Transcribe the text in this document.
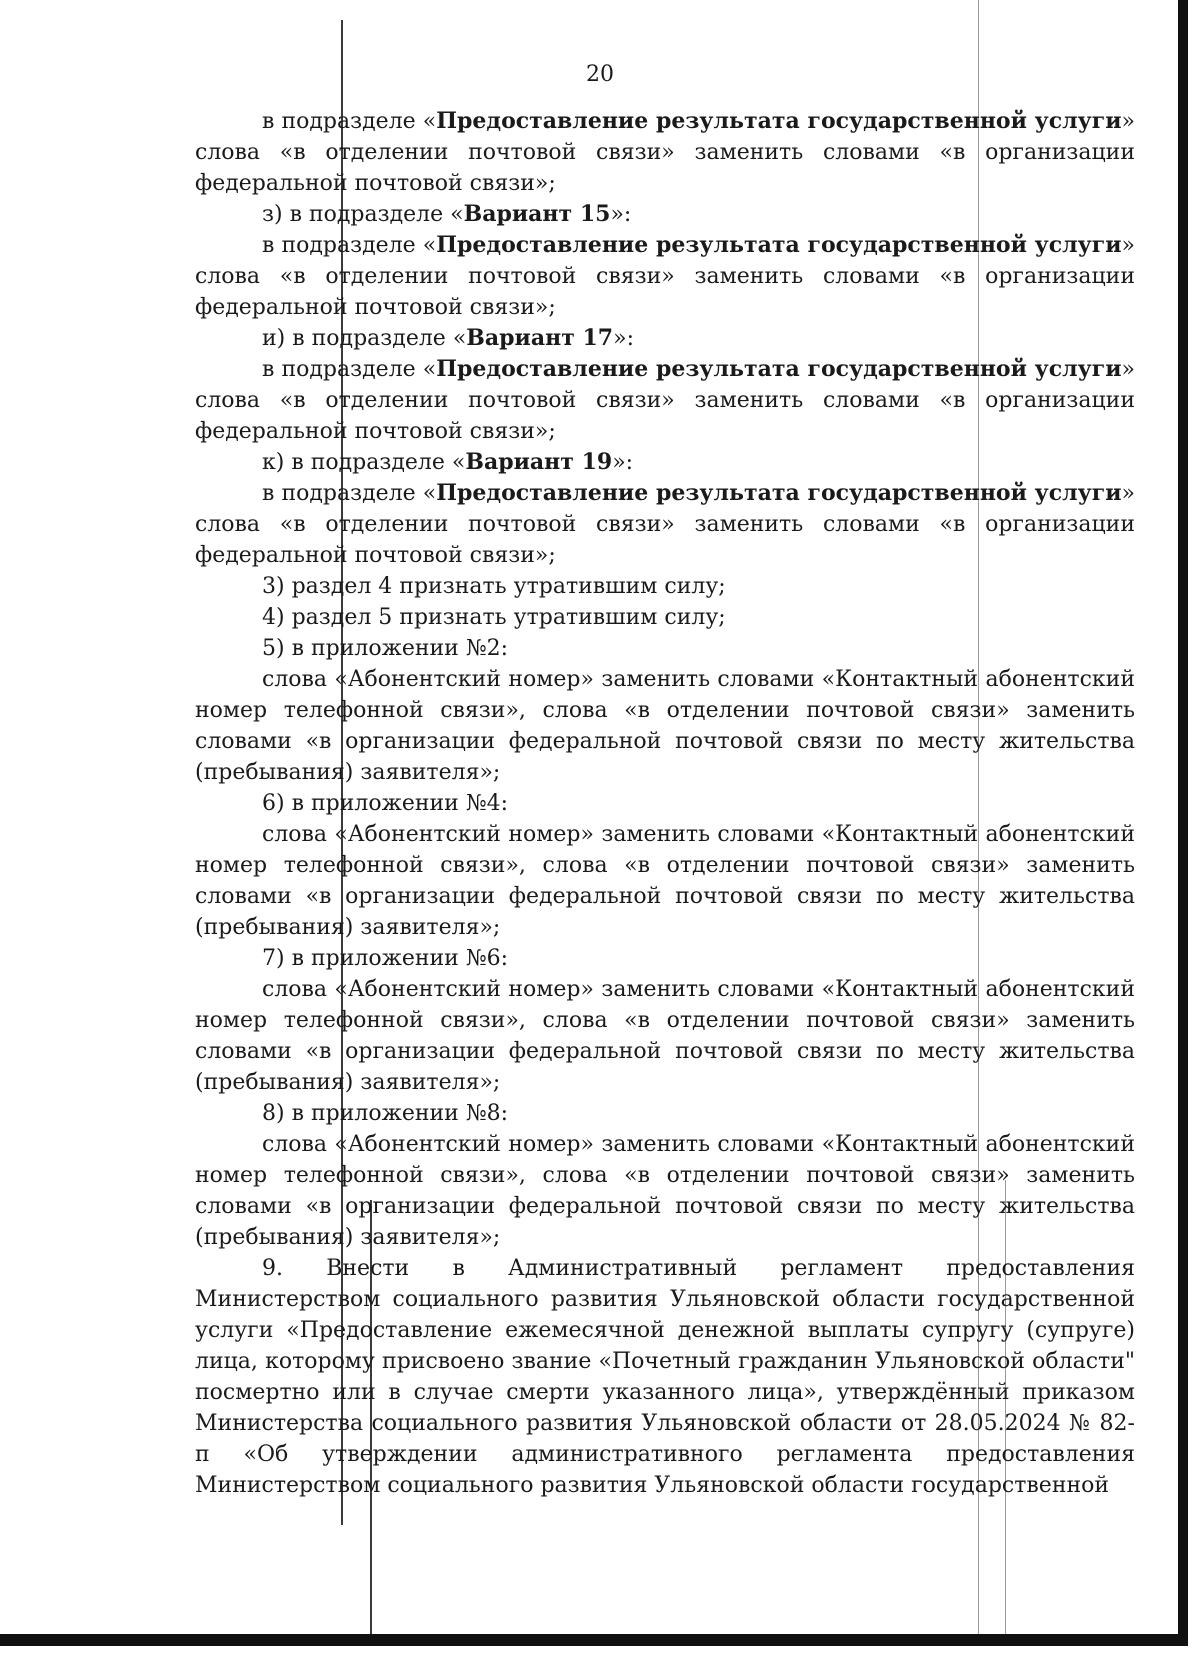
20

в подразделе «Предоставление результата государственной услуги» слова «в отделении почтовой связи» заменить словами «в организации федеральной почтовой связи»;

з) в подразделе «Вариант 15»:

в подразделе «Предоставление результата государственной услуги» слова «в отделении почтовой связи» заменить словами «в организации федеральной почтовой связи»;

и) в подразделе «Вариант 17»:

в подразделе «Предоставление результата государственной услуги» слова «в отделении почтовой связи» заменить словами «в организации федеральной почтовой связи»;

к) в подразделе «Вариант 19»:

в подразделе «Предоставление результата государственной услуги» слова «в отделении почтовой связи» заменить словами «в организации федеральной почтовой связи»;

3) раздел 4 признать утратившим силу;

4) раздел 5 признать утратившим силу;

5) в приложении №2:

слова «Абонентский номер» заменить словами «Контактный абонентский номер телефонной связи», слова «в отделении почтовой связи» заменить словами «в организации федеральной почтовой связи по месту жительства (пребывания) заявителя»;

6) в приложении №4:

слова «Абонентский номер» заменить словами «Контактный абонентский номер телефонной связи», слова «в отделении почтовой связи» заменить словами «в организации федеральной почтовой связи по месту жительства (пребывания) заявителя»;

7) в приложении №6:

слова «Абонентский номер» заменить словами «Контактный абонентский номер телефонной связи», слова «в отделении почтовой связи» заменить словами «в организации федеральной почтовой связи по месту жительства (пребывания) заявителя»;

8) в приложении №8:

слова «Абонентский номер» заменить словами «Контактный абонентский номер телефонной связи», слова «в отделении почтовой связи» заменить словами «в организации федеральной почтовой связи по месту жительства (пребывания) заявителя»;

9. Внести в Административный регламент предоставления Министерством социального развития Ульяновской области государственной услуги «Предоставление ежемесячной денежной выплаты супругу (супруге) лица, которому присвоено звание «Почетный гражданин Ульяновской области" посмертно или в случае смерти указанного лица», утверждённый приказом Министерства социального развития Ульяновской области от 28.05.2024 № 82-п «Об утверждении административного регламента предоставления Министерством социального развития Ульяновской области государственной
